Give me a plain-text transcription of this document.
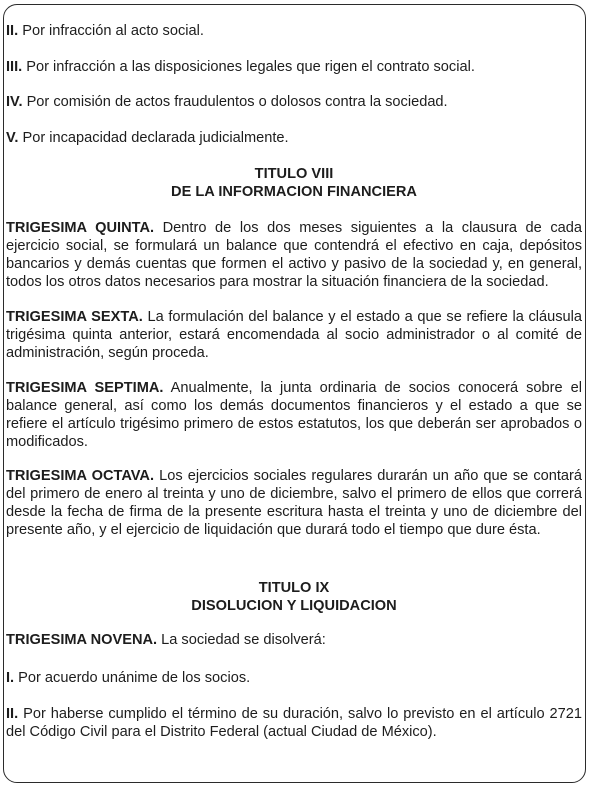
II. Por infracción al acto social.

III. Por infracción a las disposiciones legales que rigen el contrato social.

IV. Por comisión de actos fraudulentos o dolosos contra la sociedad.

V. Por incapacidad declarada judicialmente.

TITULO VIII
DE LA INFORMACION FINANCIERA

TRIGESIMA QUINTA. Dentro de los dos meses siguientes a la clausura de cada ejercicio social, se formulará un balance que contendrá el efectivo en caja, depósitos bancarios y demás cuentas que formen el activo y pasivo de la sociedad y, en general, todos los otros datos necesarios para mostrar la situación financiera de la sociedad.

TRIGESIMA SEXTA. La formulación del balance y el estado a que se refiere la cláusula trigésima quinta anterior, estará encomendada al socio administrador o al comité de administración, según proceda.

TRIGESIMA SEPTIMA. Anualmente, la junta ordinaria de socios conocerá sobre el balance general, así como los demás documentos financieros y el estado a que se refiere el artículo trigésimo primero de estos estatutos, los que deberán ser aprobados o modificados.

TRIGESIMA OCTAVA. Los ejercicios sociales regulares durarán un año que se contará del primero de enero al treinta y uno de diciembre, salvo el primero de ellos que correrá desde la fecha de firma de la presente escritura hasta el treinta y uno de diciembre del presente año, y el ejercicio de liquidación que durará todo el tiempo que dure ésta.

TITULO IX
DISOLUCION Y LIQUIDACION

TRIGESIMA NOVENA. La sociedad se disolverá:

I. Por acuerdo unánime de los socios.

II. Por haberse cumplido el término de su duración, salvo lo previsto en el artículo 2721 del Código Civil para el Distrito Federal (actual Ciudad de México).
